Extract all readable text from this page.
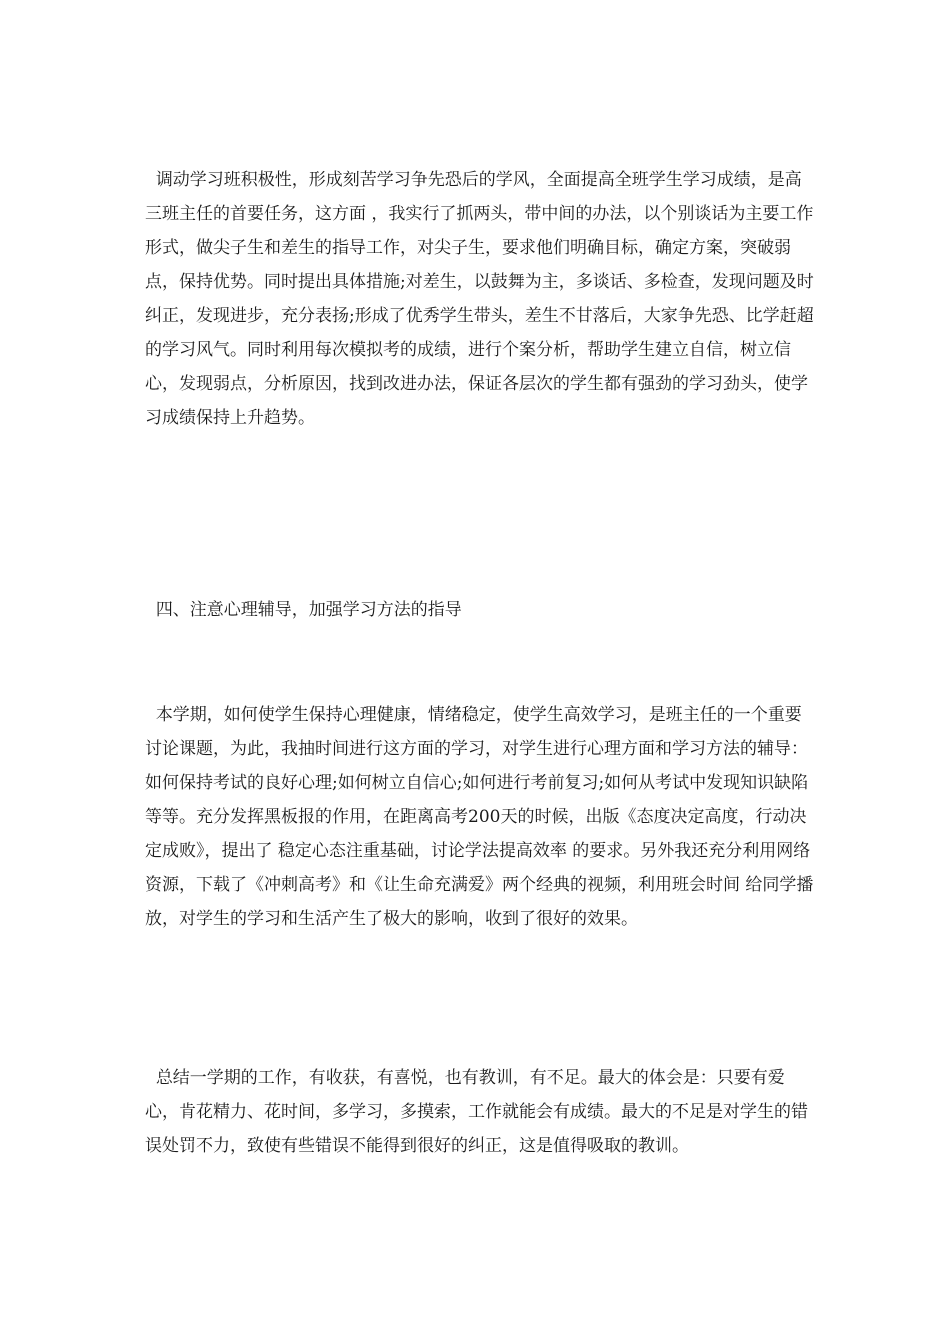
调动学习班积极性，形成刻苦学习争先恐后的学风，全面提高全班学生学习成绩，是高三班主任的首要任务，这方面 ，我实行了抓两头，带中间的办法，以个别谈话为主要工作形式，做尖子生和差生的指导工作，对尖子生，要求他们明确目标，确定方案，突破弱点，保持优势。同时提出具体措施;对差生，以鼓舞为主，多谈话、多检查，发现问题及时纠正，发现进步，充分表扬;形成了优秀学生带头，差生不甘落后，大家争先恐、比学赶超的学习风气。同时利用每次模拟考的成绩，进行个案分析，帮助学生建立自信，树立信心，发现弱点，分析原因，找到改进办法，保证各层次的学生都有强劲的学习劲头，使学习成绩保持上升趋势。

四、注意心理辅导，加强学习方法的指导

本学期，如何使学生保持心理健康，情绪稳定，使学生高效学习，是班主任的一个重要讨论课题，为此，我抽时间进行这方面的学习，对学生进行心理方面和学习方法的辅导：如何保持考试的良好心理;如何树立自信心;如何进行考前复习;如何从考试中发现知识缺陷等等。充分发挥黑板报的作用，在距离高考200天的时候，出版《态度决定高度，行动决定成败》，提出了 稳定心态注重基础，讨论学法提高效率 的要求。另外我还充分利用网络资源，下载了《冲刺高考》和《让生命充满爱》两个经典的视频，利用班会时间 给同学播放，对学生的学习和生活产生了极大的影响，收到了很好的效果。

总结一学期的工作，有收获，有喜悦，也有教训，有不足。最大的体会是：只要有爱心，肯花精力、花时间，多学习，多摸索，工作就能会有成绩。最大的不足是对学生的错误处罚不力，致使有些错误不能得到很好的纠正，这是值得吸取的教训。
